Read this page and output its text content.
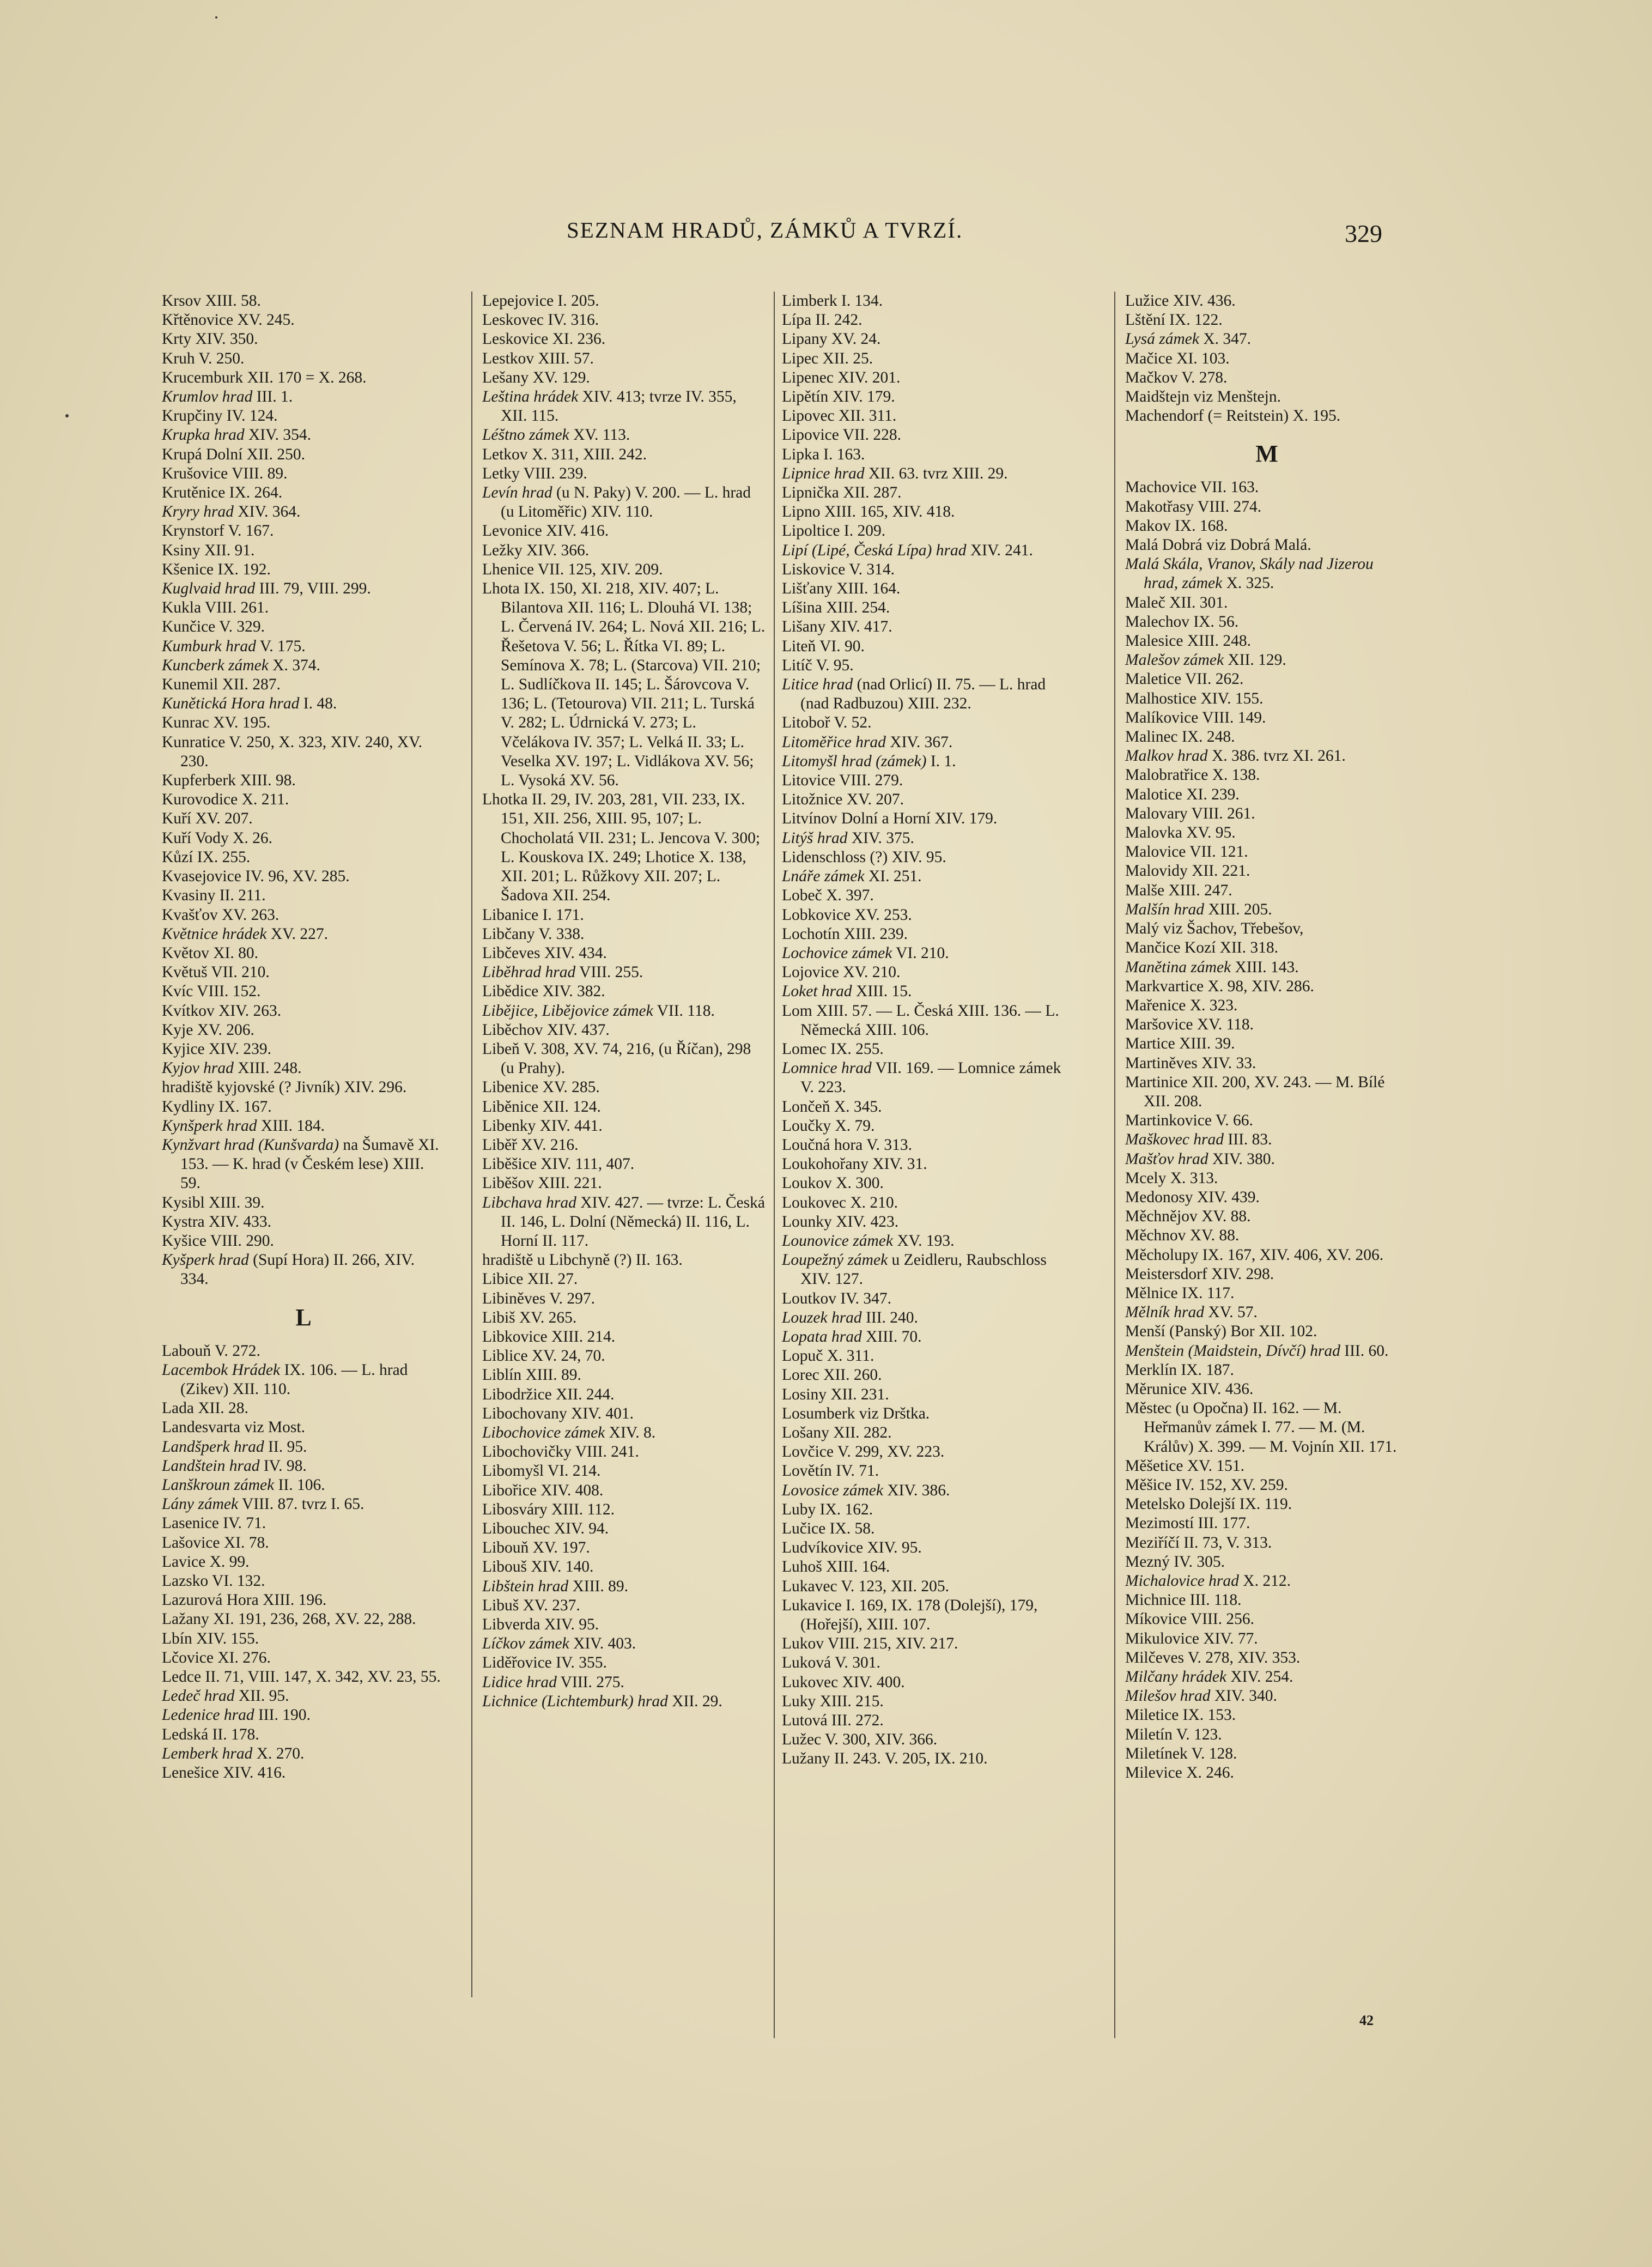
SEZNAM HRADŮ, ZÁMKŮ A TVRZÍ.	329
Krsov XIII. 58.
Křtěnovice XV. 245.
Krty XIV. 350.
Kruh V. 250.
Krucemburk XII. 170 = X. 268.
Krumlov hrad III. 1.
Krupčiny IV. 124.
Krupka hrad XIV. 354.
Krupá Dolní XII. 250.
Krušovice VIII. 89.
Krutěnice IX. 264.
Kryry hrad XIV. 364.
Krynstorf V. 167.
Ksiny XII. 91.
Kšenice IX. 192.
Kuglvaid hrad III. 79, VIII. 299.
Kukla VIII. 261.
Kunčice V. 329.
Kumburk hrad V. 175.
Kuncberk zámek X. 374.
Kunemil XII. 287.
Kunětická Hora hrad I. 48.
Kunrac XV. 195.
Kunratice V. 250, X. 323, XIV. 240, XV. 230.
Kupferberk XIII. 98.
Kurovodice X. 211.
Kuří XV. 207.
Kuří Vody X. 26.
Kůzí IX. 255.
Kvasejovice IV. 96, XV. 285.
Kvasiny II. 211.
Kvašťov XV. 263.
Květnice hrádek XV. 227.
Květov XI. 80.
Květuš VII. 210.
Kvíc VIII. 152.
Kvítkov XIV. 263.
Kyje XV. 206.
Kyjice XIV. 239.
Kyjov hrad XIII. 248.
hradiště kyjovské (? Jivník) XIV. 296.
Kydliny IX. 167.
Kynšperk hrad XIII. 184.
Kynžvart hrad (Kunšvarda) na Šumavě XI. 153. — K. hrad (v Českém lese) XIII. 59.
Kysibl XIII. 39.
Kystra XIV. 433.
Kyšice VIII. 290.
Kyšperk hrad (Supí Hora) II. 266, XIV. 334.
L
Labouň V. 272.
Lacembok Hrádek IX. 106. — L. hrad (Zikev) XII. 110.
Lada XII. 28.
Landesvarta viz Most.
Landšperk hrad II. 95.
Landštein hrad IV. 98.
Lanškroun zámek II. 106.
Lány zámek VIII. 87. tvrz I. 65.
Lasenice IV. 71.
Lašovice XI. 78.
Lavice X. 99.
Lazsko VI. 132.
Lazurová Hora XIII. 196.
Lažany XI. 191, 236, 268, XV. 22, 288.
Lbín XIV. 155.
Lčovice XI. 276.
Ledce II. 71, VIII. 147, X. 342, XV. 23, 55.
Ledeč hrad XII. 95.
Ledenice hrad III. 190.
Ledská II. 178.
Lemberk hrad X. 270.
Lenešice XIV. 416.
Lepejovice I. 205.
Leskovec IV. 316.
Leskovice XI. 236.
Lestkov XIII. 57.
Lešany XV. 129.
Leština hrádek XIV. 413; tvrze IV. 355, XII. 115.
Léštno zámek XV. 113.
Letkov X. 311, XIII. 242.
Letky VIII. 239.
Levín hrad (u N. Paky) V. 200. — L. hrad (u Litoměřic) XIV. 110.
Levonice XIV. 416.
Ležky XIV. 366.
Lhenice VII. 125, XIV. 209.
Lhota IX. 150, XI. 218, XIV. 407; L. Bilantova XII. 116; L. Dlouhá VI. 138; L. Červená IV. 264; L. Nová XII. 216; L. Řešetova V. 56; L. Řítka VI. 89; L. Semínova X. 78; L. (Starcova) VII. 210; L. Sudlíčkova II. 145; L. Šárovcova V. 136; L. (Tetourova) VII. 211; L. Turská V. 282; L. Údrnická V. 273; L. Včelákova IV. 357; L. Velká II. 33; L. Veselka XV. 197; L. Vidlákova XV. 56; L. Vysoká XV. 56.
Lhotka II. 29, IV. 203, 281, VII. 233, IX. 151, XII. 256, XIII. 95, 107; L. Chocholatá VII. 231; L. Jencova V. 300; L. Kouskova IX. 249; Lhotice X. 138, XII. 201; L. Růžkovy XII. 207; L. Šadova XII. 254.
Libanice I. 171.
Libčany V. 338.
Libčeves XIV. 434.
Liběhrad hrad VIII. 255.
Libědice XIV. 382.
Libějice, Libějovice zámek VII. 118.
Liběchov XIV. 437.
Libeň V. 308, XV. 74, 216, (u Říčan), 298 (u Prahy).
Libenice XV. 285.
Liběnice XII. 124.
Libenky XIV. 441.
Liběř XV. 216.
Liběšice XIV. 111, 407.
Liběšov XIII. 221.
Libchava hrad XIV. 427. — tvrze: L. Česká II. 146, L. Dolní (Německá) II. 116, L. Horní II. 117.
hradiště u Libchyně (?) II. 163.
Libice XII. 27.
Libiněves V. 297.
Libiš XV. 265.
Libkovice XIII. 214.
Liblice XV. 24, 70.
Liblín XIII. 89.
Libodržice XII. 244.
Libochovany XIV. 401.
Libochovice zámek XIV. 8.
Libochovičky VIII. 241.
Libomyšl VI. 214.
Libořice XIV. 408.
Libosváry XIII. 112.
Libouchec XIV. 94.
Libouň XV. 197.
Libouš XIV. 140.
Libštein hrad XIII. 89.
Libuš XV. 237.
Libverda XIV. 95.
Líčkov zámek XIV. 403.
Liděřovice IV. 355.
Lidice hrad VIII. 275.
Lichnice (Lichtemburk) hrad XII. 29.
Limberk I. 134.
Lípa II. 242.
Lipany XV. 24.
Lipec XII. 25.
Lipenec XIV. 201.
Lipětín XIV. 179.
Lipovec XII. 311.
Lipovice VII. 228.
Lipka I. 163.
Lipnice hrad XII. 63. tvrz XIII. 29.
Lipnička XII. 287.
Lipno XIII. 165, XIV. 418.
Lipoltice I. 209.
Lipí (Lipé, Česká Lípa) hrad XIV. 241.
Liskovice V. 314.
Lišťany XIII. 164.
Líšina XIII. 254.
Lišany XIV. 417.
Liteň VI. 90.
Litíč V. 95.
Litice hrad (nad Orlicí) II. 75. — L. hrad (nad Radbuzou) XIII. 232.
Litoboř V. 52.
Litoměřice hrad XIV. 367.
Litomyšl hrad (zámek) I. 1.
Litovice VIII. 279.
Litožnice XV. 207.
Litvínov Dolní a Horní XIV. 179.
Litýš hrad XIV. 375.
Lidenschloss (?) XIV. 95.
Lnáře zámek XI. 251.
Lobeč X. 397.
Lobkovice XV. 253.
Lochotín XIII. 239.
Lochovice zámek VI. 210.
Lojovice XV. 210.
Loket hrad XIII. 15.
Lom XIII. 57. — L. Česká XIII. 136. — L. Německá XIII. 106.
Lomec IX. 255.
Lomnice hrad VII. 169. — Lomnice zámek V. 223.
Lončeň X. 345.
Loučky X. 79.
Loučná hora V. 313.
Loukohořany XIV. 31.
Loukov X. 300.
Loukovec X. 210.
Lounky XIV. 423.
Lounovice zámek XV. 193.
Loupežný zámek u Zeidleru, Raubschloss XIV. 127.
Loutkov IV. 347.
Louzek hrad III. 240.
Lopata hrad XIII. 70.
Lopuč X. 311.
Lorec XII. 260.
Losiny XII. 231.
Losumberk viz Drštka.
Lošany XII. 282.
Lovčice V. 299, XV. 223.
Lovětín IV. 71.
Lovosice zámek XIV. 386.
Luby IX. 162.
Lučice IX. 58.
Ludvíkovice XIV. 95.
Luhoš XIII. 164.
Lukavec V. 123, XII. 205.
Lukavice I. 169, IX. 178 (Dolejší), 179, (Hořejší), XIII. 107.
Lukov VIII. 215, XIV. 217.
Luková V. 301.
Lukovec XIV. 400.
Luky XIII. 215.
Lutová III. 272.
Lužec V. 300, XIV. 366.
Lužany II. 243. V. 205, IX. 210.
Lužice XIV. 436.
Lštění IX. 122.
Lysá zámek X. 347.
Mačice XI. 103.
Mačkov V. 278.
Maidštejn viz Menštejn.
Machendorf (= Reitstein) X. 195.
M
Machovice VII. 163.
Makotřasy VIII. 274.
Makov IX. 168.
Malá Dobrá viz Dobrá Malá.
Malá Skála, Vranov, Skály nad Jizerou hrad, zámek X. 325.
Maleč XII. 301.
Malechov IX. 56.
Malesice XIII. 248.
Malešov zámek XII. 129.
Maletice VII. 262.
Malhostice XIV. 155.
Malíkovice VIII. 149.
Malinec IX. 248.
Malkov hrad X. 386. tvrz XI. 261.
Malobratřice X. 138.
Malotice XI. 239.
Malovary VIII. 261.
Malovka XV. 95.
Malovice VII. 121.
Malovidy XII. 221.
Malše XIII. 247.
Malšín hrad XIII. 205.
Malý viz Šachov, Třebešov,
Mančice Kozí XII. 318.
Manětina zámek XIII. 143.
Markvartice X. 98, XIV. 286.
Mařenice X. 323.
Maršovice XV. 118.
Martice XIII. 39.
Martiněves XIV. 33.
Martinice XII. 200, XV. 243. — M. Bílé XII. 208.
Martinkovice V. 66.
Maškovec hrad III. 83.
Mašťov hrad XIV. 380.
Mcely X. 313.
Medonosy XIV. 439.
Měchnějov XV. 88.
Měchnov XV. 88.
Měcholupy IX. 167, XIV. 406, XV. 206.
Meistersdorf XIV. 298.
Mělnice IX. 117.
Mělník hrad XV. 57.
Menší (Panský) Bor XII. 102.
Menštein (Maidstein, Dívčí) hrad III. 60.
Merklín IX. 187.
Měrunice XIV. 436.
Městec (u Opočna) II. 162. — M. Heřmanův zámek I. 77. — M. (M. Králův) X. 399. — M. Vojnín XII. 171.
Měšetice XV. 151.
Měšice IV. 152, XV. 259.
Metelsko Dolejší IX. 119.
Mezimostí III. 177.
Meziříčí II. 73, V. 313.
Mezný IV. 305.
Michalovice hrad X. 212.
Michnice III. 118.
Míkovice VIII. 256.
Mikulovice XIV. 77.
Milčeves V. 278, XIV. 353.
Milčany hrádek XIV. 254.
Milešov hrad XIV. 340.
Miletice IX. 153.
Miletín V. 123.
Miletínek V. 128.
Milevice X. 246.
42
